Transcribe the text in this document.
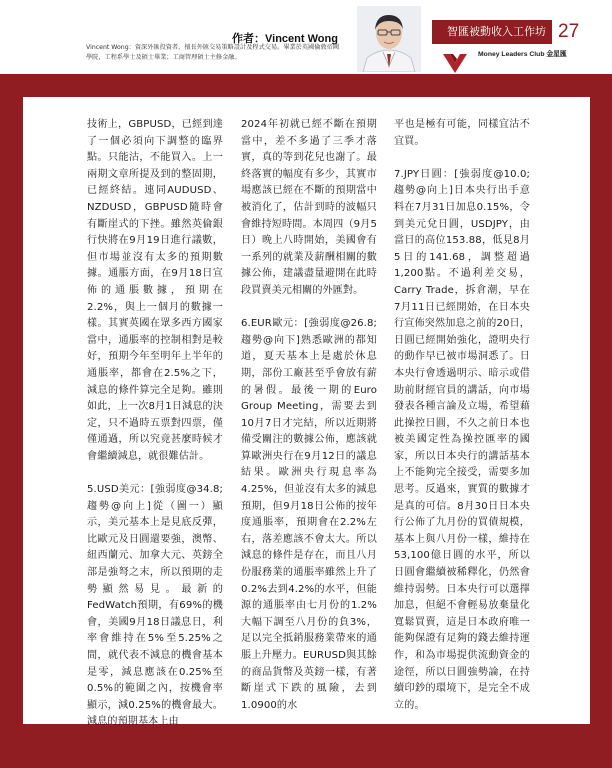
作者：Vincent Wong
Vincent Wong：資深外匯投資者，擅長外匯交易策略設計及程式交易。畢業於英國倫敦帝國學院，工程系學士及碩士畢業；工商管理碩士主修金融。
智匯被動收入工作坊 27
Money Leaders Club 金星匯

技術上，GBPUSD，已經到達了一個必須向下調整的臨界點。只能沽，不能買入。上一兩期文章所提及到的整固期，已經終結。連同AUDUSD、NZDUSD，GBPUSD隨時會有斷崖式的下挫。雖然英倫銀行快將在9月19日進行議數，但市場並沒有太多的預期數據。通脹方面，在9月18日宣佈的通脹數據，預期在2.2%，與上一個月的數據一樣。其實英國在眾多西方國家當中，通脹率的控制相對是較好，預期今年至明年上半年的通脹率，都會在2.5%之下，減息的條件算完全足夠。雖則如此，上一次8月1日減息的決定，只不過時五票對四票，僅僅通過，所以究竟甚麼時候才會繼續減息，就很難估計。

5.USD美元：[強弱度@34.8; 趨勢@向上]從（圖一）顯示，美元基本上是見底反彈，比歐元及日圓還要強，澳幣、紐西蘭元、加拿大元、英鎊全部是強弩之末，所以預期的走勢顯然易見。最新的FedWatch預期，有69%的機會，美國9月18日議息日，利率會維持在5%至5.25%之間，就代表不減息的機會基本是零，減息應該在0.25%至0.5%的範圍之內，按機會率顯示，減0.25%的機會最大。減息的預期基本上由

2024年初就已經不斷在預期當中，差不多過了三季才落實，真的等到花兒也謝了。最終落實的幅度有多少，其實市場應該已經在不斷的預期當中被消化了，估計到時的波幅只會維持短時間。本周四（9月5日）晚上八時開始，美國會有一系列的就業及薪酬相關的數據公佈，建議盡量避開在此時段買賣美元相關的外匯對。

6.EUR歐元：[強弱度@26.8; 趨勢@向下]熟悉歐洲的都知道，夏天基本上是處於休息期，部份工廠甚至乎會放有薪的暑假。最後一期的Euro Group Meeting，需要去到10月7日才完結，所以近期將備受關注的數據公佈，應該就算歐洲央行在9月12日的議息結果。歐洲央行現息率為4.25%，但並沒有太多的減息預期，但9月18日公佈的按年度通脹率，預期會在2.2%左右，落差應該不會太大。所以減息的條件是存在，而且八月份服務業的通脹率雖然上升了0.2%去到4.2%的水平，但能源的通脹率由七月份的1.2%大幅下調至八月份的負3%，足以完全抵銷服務業帶來的通脹上升壓力。EURUSD與其餘的商品貨幣及英鎊一樣，有著斷崖式下跌的風險，去到1.0900的水

平也是極有可能，同樣宜沽不宜買。

7.JPY日圓：[強弱度@10.0; 趨勢@向上]日本央行出手意料在7月31日加息0.15%，令到美元兌日圓，USDJPY，由當日的高位153.88，低見8月5日的141.68，調整超過1,200點。不過利差交易，Carry Trade，拆倉潮，早在7月11日已經開始，在日本央行宣佈突然加息之前的20日，日圓已經開始強化，證明央行的動作早已被市場洞悉了。日本央行會透過明示、暗示或借助前財經官員的講話，向市場發表各種言論及立場，希望藉此操控日圓，不久之前日本也被美國定性為操控匯率的國家，所以日本央行的講話基本上不能夠完全接受，需要多加思考。反過來，實質的數據才是真的可信。8月30日日本央行公佈了九月份的買債規模，基本上與八月份一樣，維持在53,100億日圓的水平，所以日圓會繼續被稀釋化，仍然會維持弱勢。日本央行可以選擇加息，但絕不會輕易放棄量化寬鬆買賣，這是日本政府唯一能夠保證有足夠的錢去維持運作，和為市場提供流動資金的途徑，所以日圓強勢論，在持續印鈔的環境下，是完全不成立的。
